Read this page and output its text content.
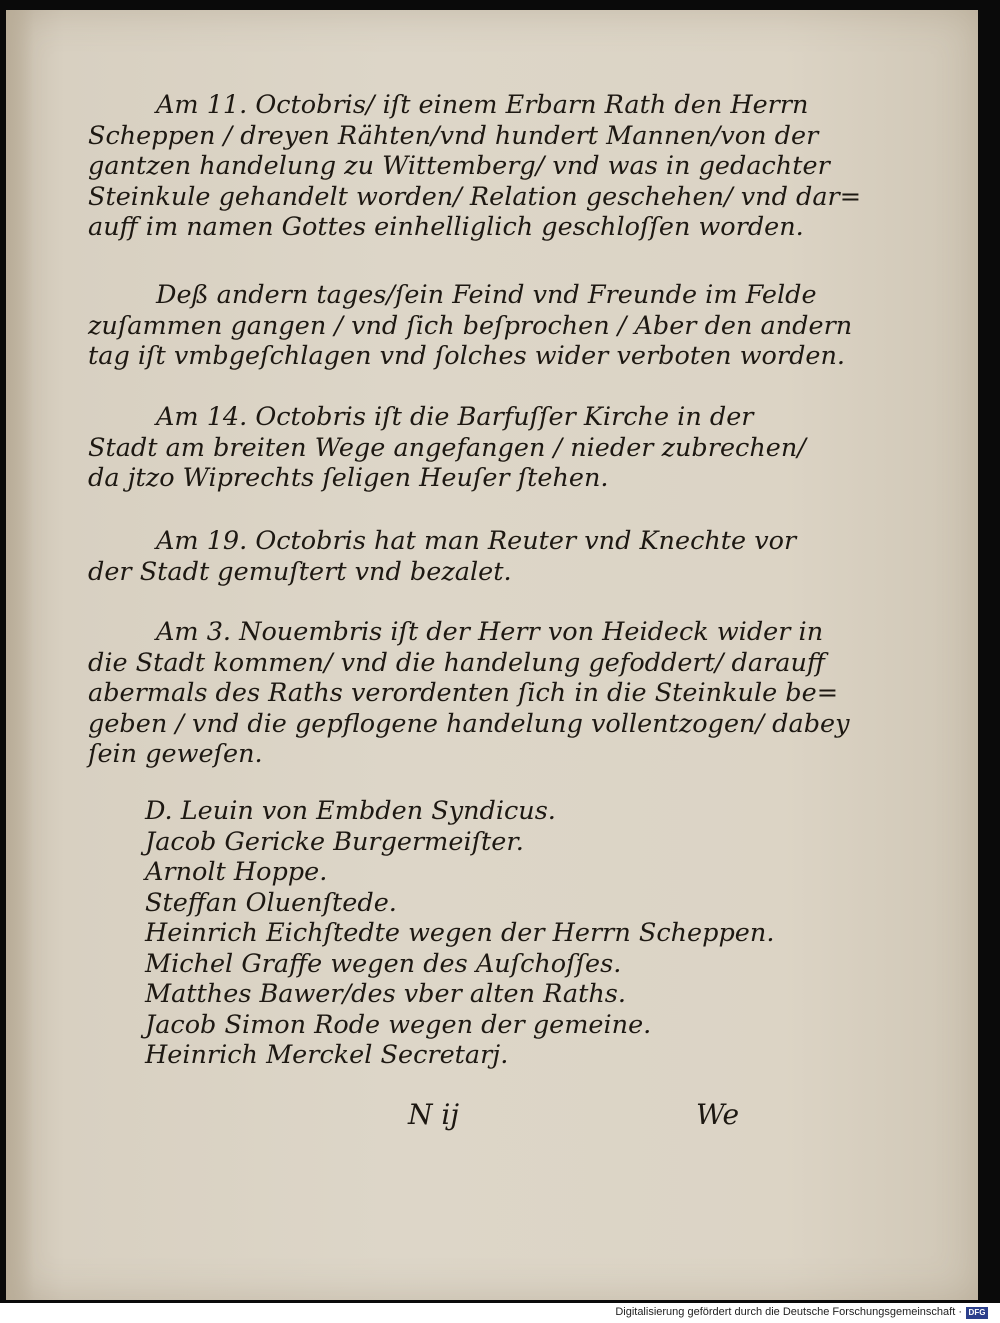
Am 11. Octobris/ iſt einem Erbarn Rath den Herrn
Scheppen / dreyen Rähten/vnd hundert Mannen/von der
gantzen handelung zu Wittemberg/ vnd was in gedachter
Steinkule gehandelt worden/ Relation geschehen/ vnd dar=
auff im namen Gottes einhelliglich geschloſſen worden.
Deß andern tages/ſein Feind vnd Freunde im Felde
zuſammen gangen / vnd ſich beſprochen / Aber den andern
tag iſt vmbgeſchlagen vnd ſolches wider verboten worden.
Am 14. Octobris iſt die Barfuſſer Kirche in der
Stadt am breiten Wege angefangen / nieder zubrechen/
da jtzo Wiprechts ſeligen Heuſer ſtehen.
Am 19. Octobris hat man Reuter vnd Knechte vor
der Stadt gemuſtert vnd bezalet.
Am 3. Nouembris iſt der Herr von Heideck wider in
die Stadt kommen/ vnd die handelung gefoddert/ darauff
abermals des Raths verordenten ſich in die Steinkule be=
geben / vnd die gepflogene handelung vollentzogen/ dabey
ſein geweſen.
D. Leuin von Embden Syndicus.
Jacob Gericke Burgermeiſter.
Arnolt Hoppe.
Steffan Oluenſtede.
Heinrich Eichſtedte wegen der Herrn Scheppen.
Michel Graffe wegen des Auſchoſſes.
Matthes Bawer/des vber alten Raths.
Jacob Simon Rode wegen der gemeine.
Heinrich Merckel Secretarj.
N ij	We
Digitalisierung gefördert durch die Deutsche Forschungsgemeinschaft · DFG
